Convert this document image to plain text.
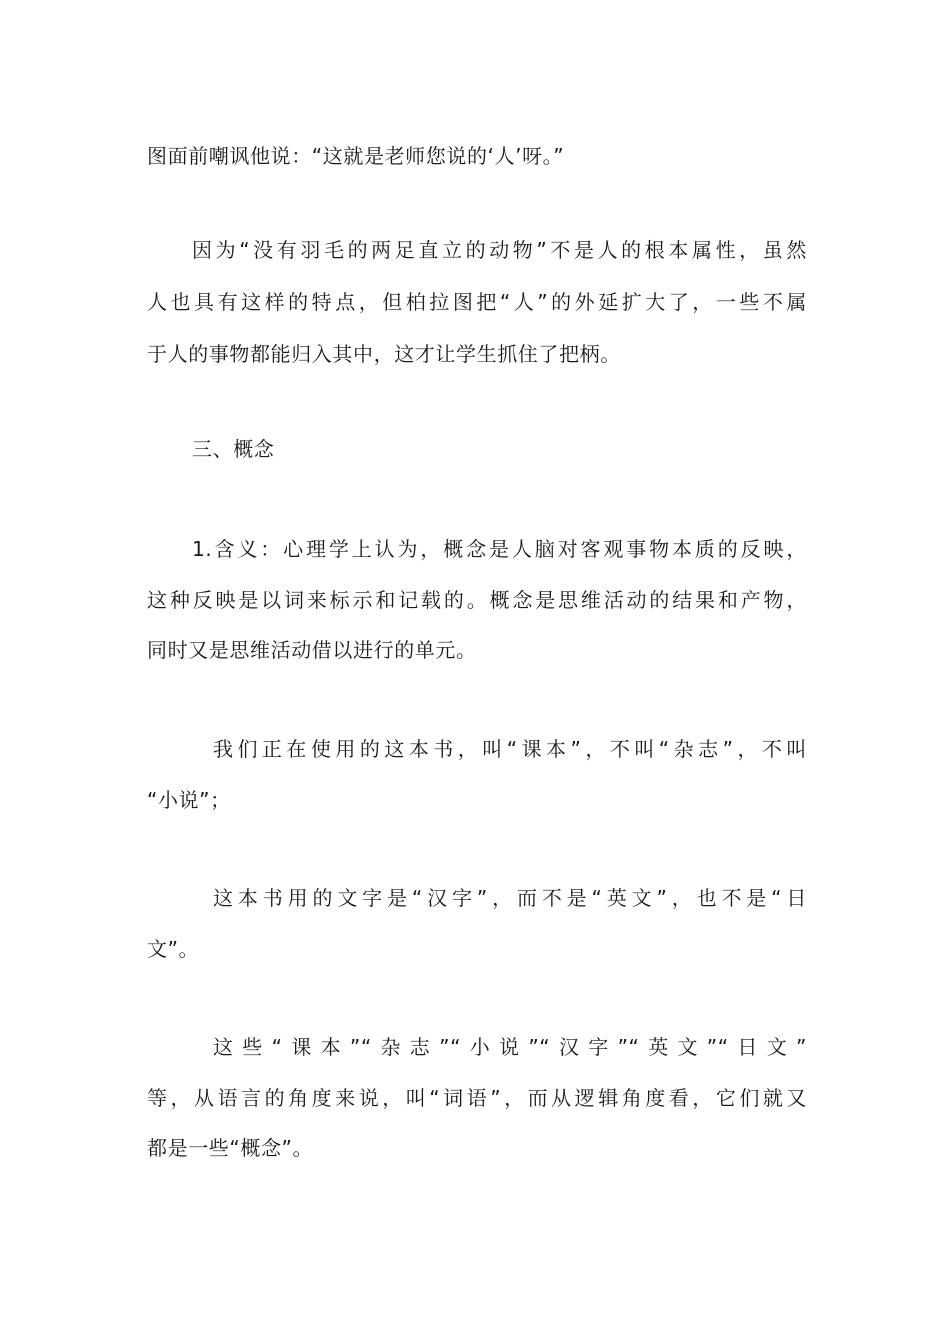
图面前嘲讽他说：“这就是老师您说的‘人’呀。”
因为“没有羽毛的两足直立的动物”不是人的根本属性，虽然
人也具有这样的特点，但柏拉图把“人”的外延扩大了，一些不属
于人的事物都能归入其中，这才让学生抓住了把柄。
三、概念
1.含义：心理学上认为，概念是人脑对客观事物本质的反映，
这种反映是以词来标示和记载的。概念是思维活动的结果和产物，
同时又是思维活动借以进行的单元。
我们正在使用的这本书，叫“课本”，不叫“杂志”，不叫
“小说”；
这本书用的文字是“汉字”，而不是“英文”，也不是“日
文”。
这些“课本”“杂志”“小说”“汉字”“英文”“日文”
等，从语言的角度来说，叫“词语”，而从逻辑角度看，它们就又
都是一些“概念”。
